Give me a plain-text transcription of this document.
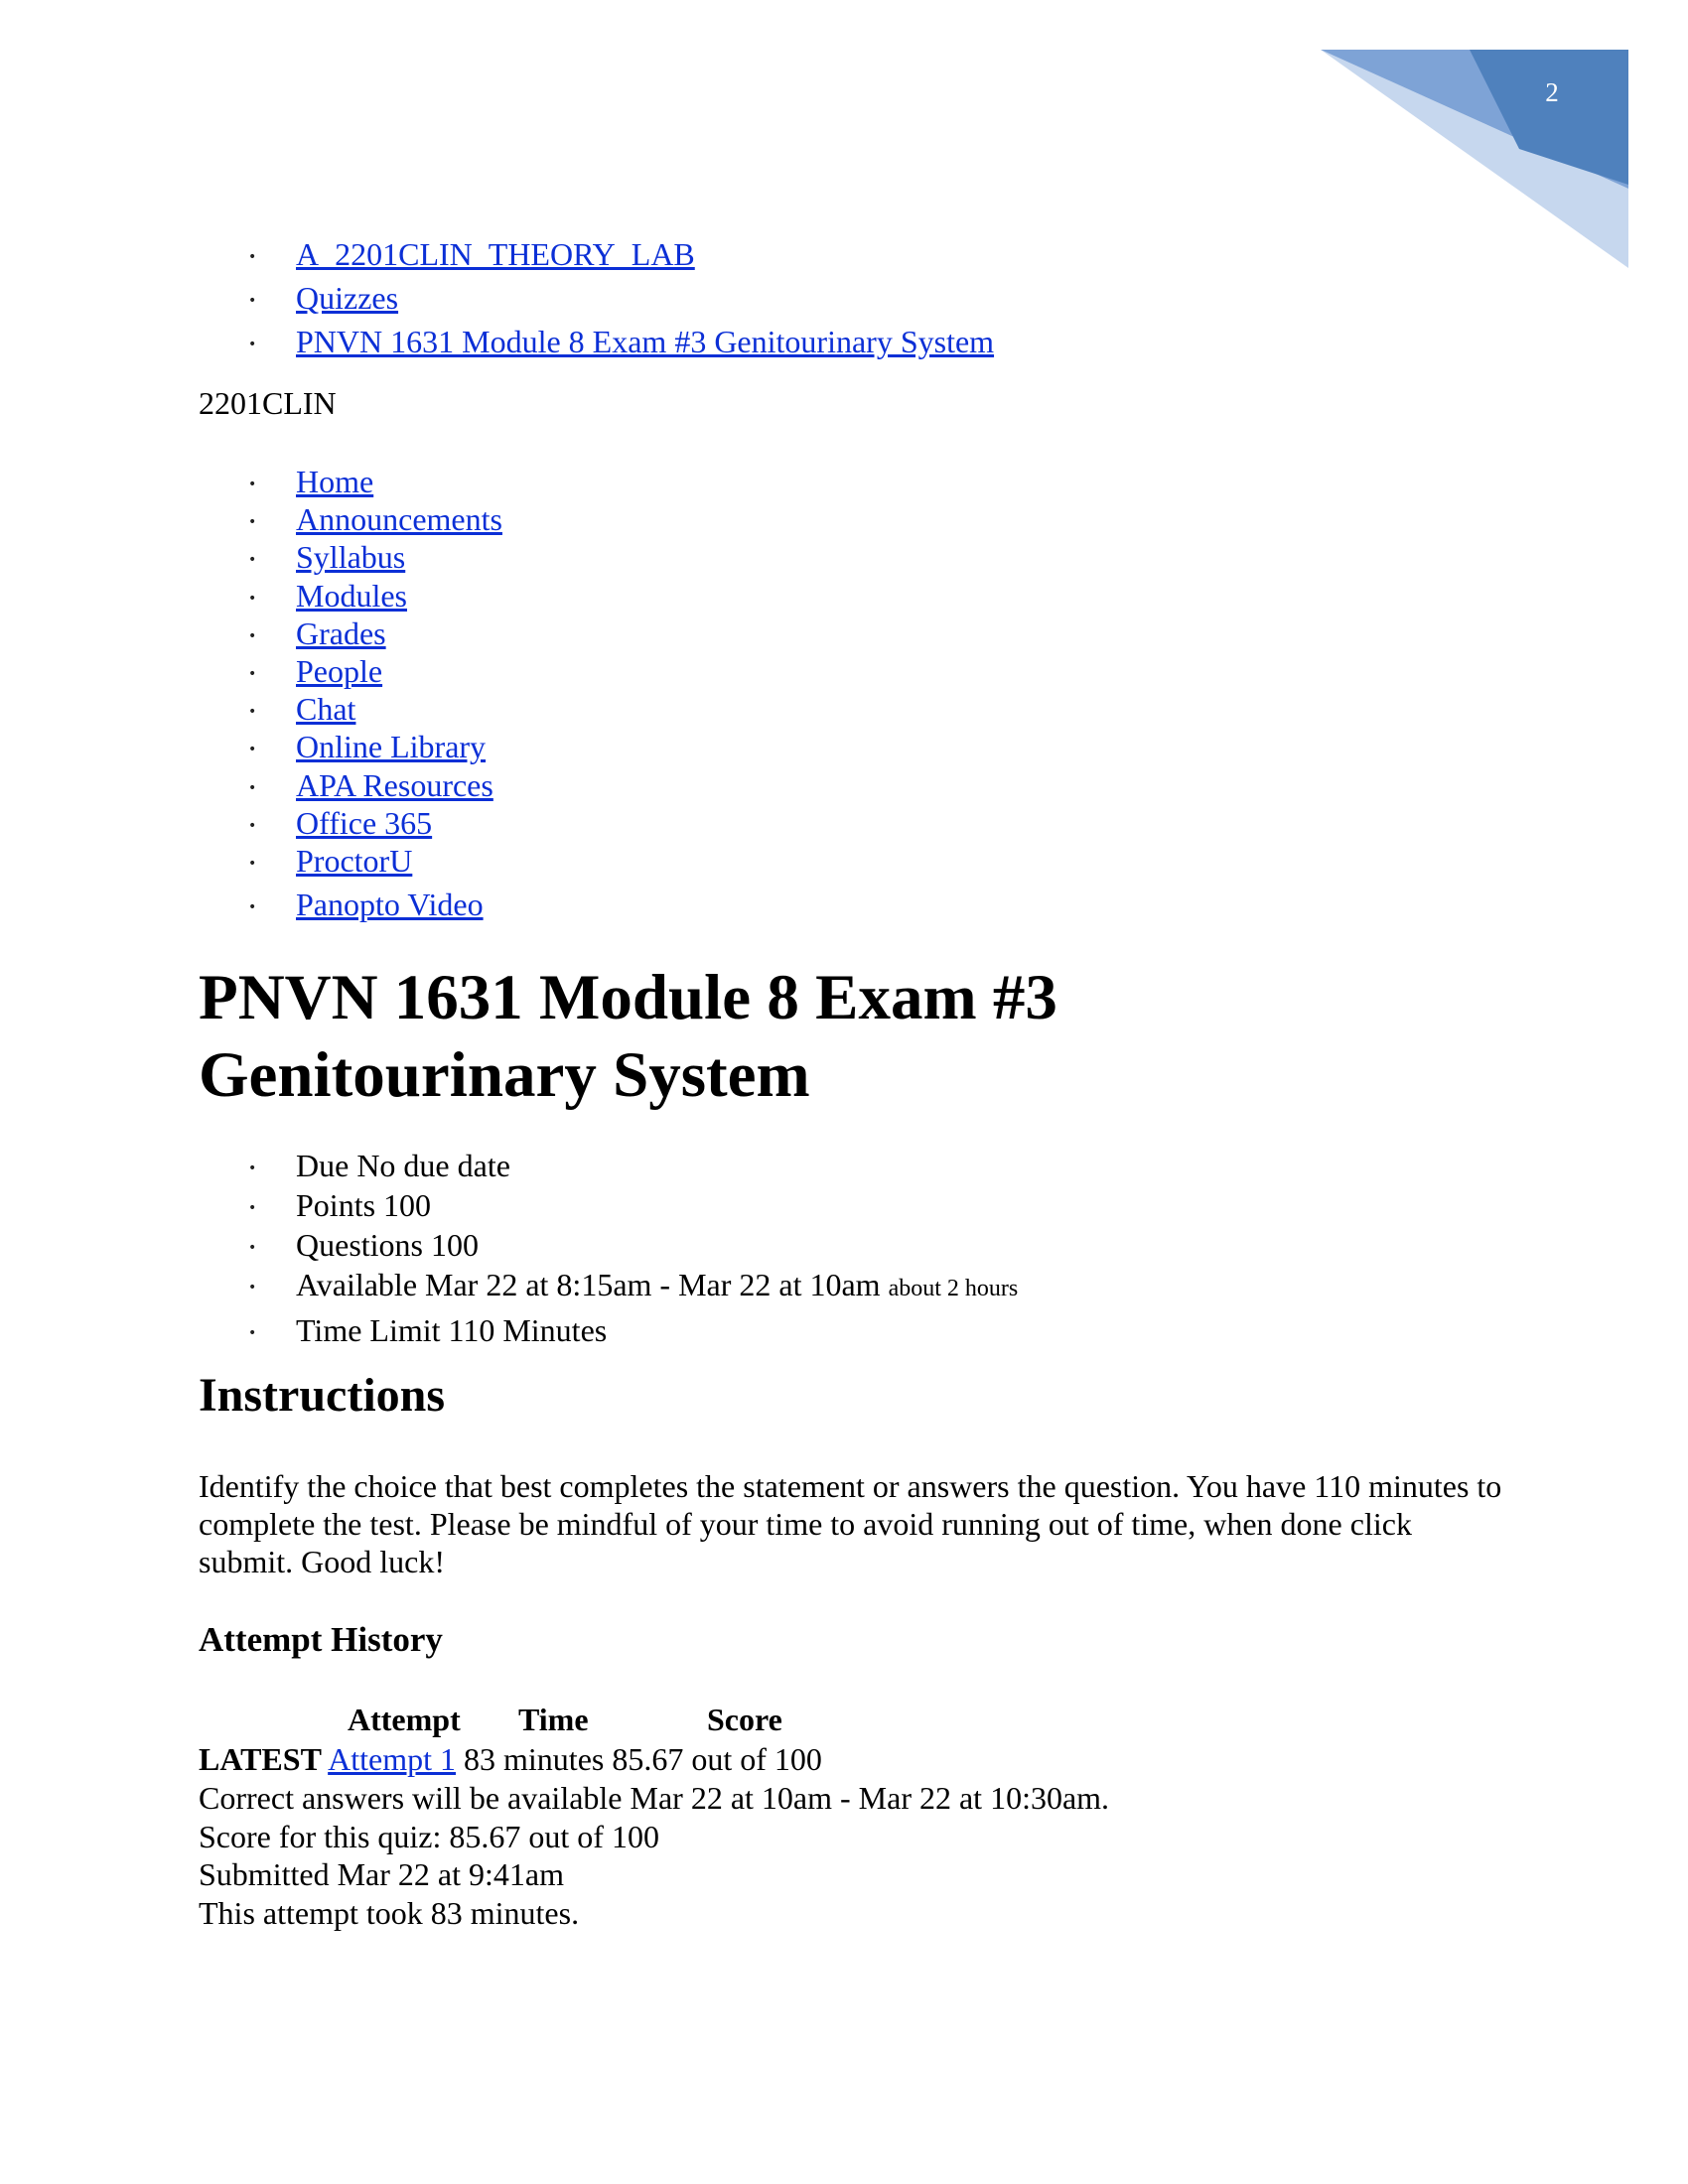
2
• A_2201CLIN_THEORY_LAB
• Quizzes
• PNVN 1631 Module 8 Exam #3 Genitourinary System
2201CLIN
• Home
• Announcements
• Syllabus
• Modules
• Grades
• People
• Chat
• Online Library
• APA Resources
• Office 365
• ProctorU
• Panopto Video
PNVN 1631 Module 8 Exam #3
Genitourinary System
• Due No due date
• Points 100
• Questions 100
• Available Mar 22 at 8:15am - Mar 22 at 10am about 2 hours
• Time Limit 110 Minutes
Instructions

Identify the choice that best completes the statement or answers the question. You have 110 minutes to complete the test. Please be mindful of your time to avoid running out of time, when done click submit. Good luck!

Attempt History
Attempt Time	Score
LATEST Attempt 1 83 minutes 85.67 out of 100
Correct answers will be available Mar 22 at 10am - Mar 22 at 10:30am.
Score for this quiz: 85.67 out of 100
Submitted Mar 22 at 9:41am
This attempt took 83 minutes.
